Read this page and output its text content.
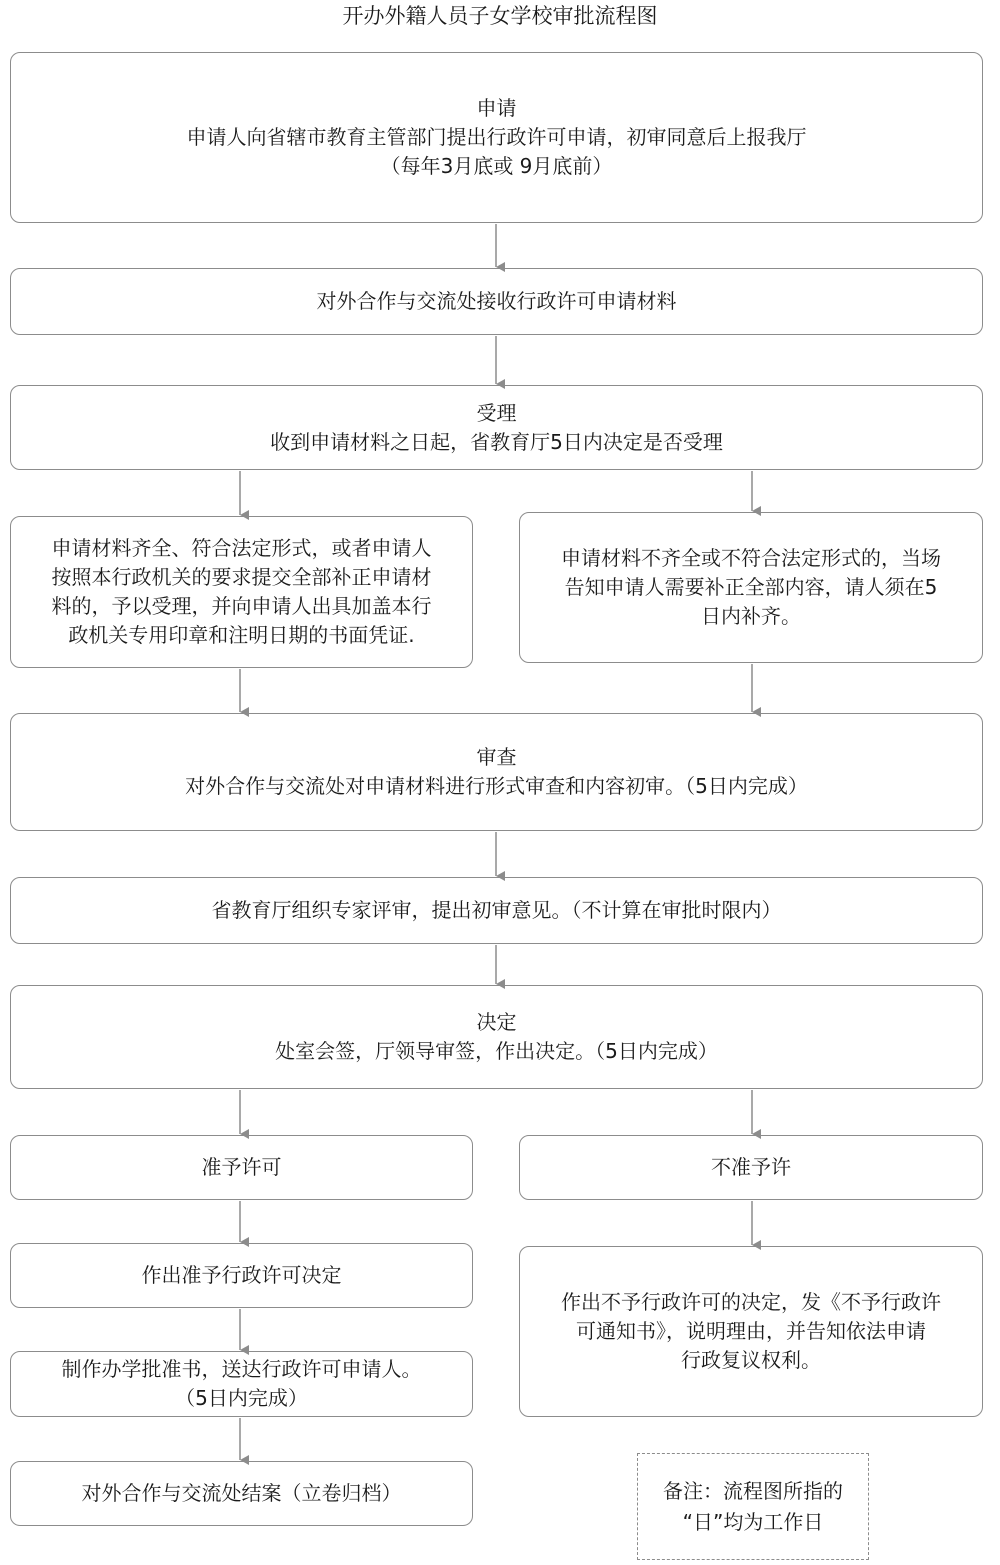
开办外籍人员子女学校审批流程图
申请
申请人向省辖市教育主管部门提出行政许可申请，初审同意后上报我厅
（每年3月底或 9月底前）
对外合作与交流处接收行政许可申请材料
受理
收到申请材料之日起，省教育厅5日内决定是否受理
申请材料齐全、符合法定形式，或者申请人
按照本行政机关的要求提交全部补正申请材
料的，予以受理，并向申请人出具加盖本行
政机关专用印章和注明日期的书面凭证.
申请材料不齐全或不符合法定形式的，当场
告知申请人需要补正全部内容，请人须在5
日内补齐。
审查
对外合作与交流处对申请材料进行形式审查和内容初审。（5日内完成）
省教育厅组织专家评审，提出初审意见。（不计算在审批时限内）
决定
处室会签，厅领导审签，作出决定。（5日内完成）
准予许可	不准予许
作出准予行政许可决定
制作办学批准书，送达行政许可申请人。
（5日内完成）
对外合作与交流处结案（立卷归档）
作出不予行政许可的决定，发《不予行政许
可通知书》，说明理由，并告知依法申请
行政复议权利。
备注：流程图所指的
“日”均为工作日
